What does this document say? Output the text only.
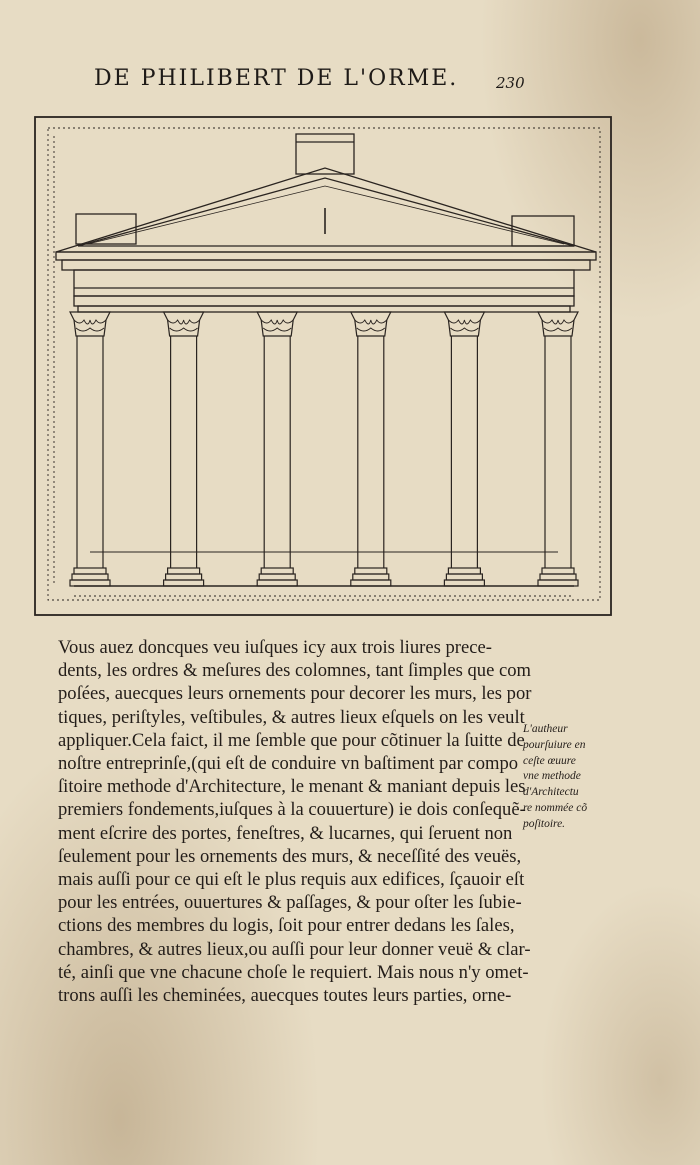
DE PHILIBERT DE L'ORME.	230
Vous auez doncques veu iuſques icy aux trois liures prece-
dents, les ordres & meſures des colomnes, tant ſimples que com
poſées, auecques leurs ornements pour decorer les murs, les por
tiques, periſtyles, veſtibules, & autres lieux eſquels on les veult
appliquer.Cela faict, il me ſemble que pour cõtinuer la ſuitte de
noſtre entreprinſe,(qui eſt de conduire vn baſtiment par compo
ſitoire methode d'Architecture, le menant & maniant depuis les
premiers fondements,iuſques à la couuerture) ie dois conſequẽ-
ment eſcrire des portes, feneſtres, & lucarnes, qui ſeruent non
ſeulement pour les ornements des murs, & neceſſité des veuës,
mais auſſi pour ce qui eſt le plus requis aux edifices, ſçauoir eſt
pour les entrées, ouuertures & paſſages, & pour oſter les ſubie-
ctions des membres du logis, ſoit pour entrer dedans les ſales,
chambres, & autres lieux,ou auſſi pour leur donner veuë & clar-
té, ainſi que vne chacune choſe le requiert. Mais nous n'y omet-
trons auſſi les cheminées, auecques toutes leurs parties, orne-
L'autheur
pourſuiure en
ceſte œuure
vne methode
d'Architectu
re nommée cõ
poſitoire.
